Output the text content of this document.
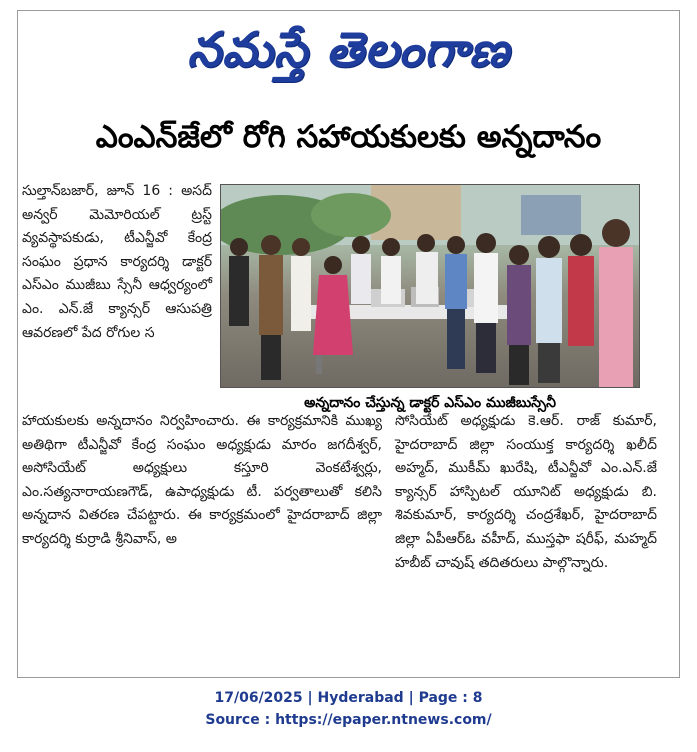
నమస్తే తెలంగాణ
ఎంఎన్‌జేలో రోగి సహాయకులకు అన్నదానం
సుల్తాన్‌బజార్‌, జూన్‌ 16 : అసద్‌ అన్వర్‌ మెమోరియల్‌ ట్రస్ట్‌ వ్యవస్థాపకుడు, టీఎన్జీవో కేంద్ర సంఘం ప్రధాన కార్యదర్శి డాక్టర్‌ ఎస్‌ఎం ముజీబు స్సేనీ ఆధ్వర్యంలో ఎం. ఎన్‌.జే క్యాన్సర్‌ ఆసుపత్రి ఆవరణలో పేద రోగుల స
అన్నదానం చేస్తున్న డాక్టర్‌ ఎస్‌ఎం ముజీబుస్సేనీ
హాయకులకు అన్నదానం నిర్వహించారు. ఈ కార్యక్రమానికి ముఖ్య అతిథిగా టీఎన్జీవో కేంద్ర సంఘం అధ్యక్షుడు మారం జగదీశ్వర్‌, అసోసియేట్‌ అధ్యక్షులు కస్తూరి వెంకటేశ్వర్లు, ఎం.సత్యనారాయణగౌడ్‌, ఉపాధ్యక్షుడు టీ. పర్వతాలుతో కలిసి అన్నదాన వితరణ చేపట్టారు. ఈ కార్యక్రమంలో హైదరాబాద్‌ జిల్లా కార్యదర్శి కుర్రాడి శ్రీనివాస్‌, అ
సోసియేట్‌ అధ్యక్షుడు కె.ఆర్‌. రాజ్‌ కుమార్‌, హైదరాబాద్‌ జిల్లా సంయుక్త కార్యదర్శి ఖలీద్‌ అహ్మద్‌, ముకీమ్‌ ఖురేషి, టీఎన్జీవో ఎం.ఎన్‌.జే క్యాన్సర్‌ హాస్పిటల్‌ యూనిట్‌ అధ్యక్షుడు బి. శివకుమార్‌, కార్యదర్శి చంద్రశేఖర్‌, హైదరాబాద్‌ జిల్లా ఏపీఆర్‌ఓ వహీద్‌, ముస్తఫా షరీఫ్‌, మహ్మద్‌ హబీబ్‌ చావుష్‌ తదితరులు పాల్గొన్నారు.
17/06/2025 | Hyderabad | Page : 8
Source : https://epaper.ntnews.com/
